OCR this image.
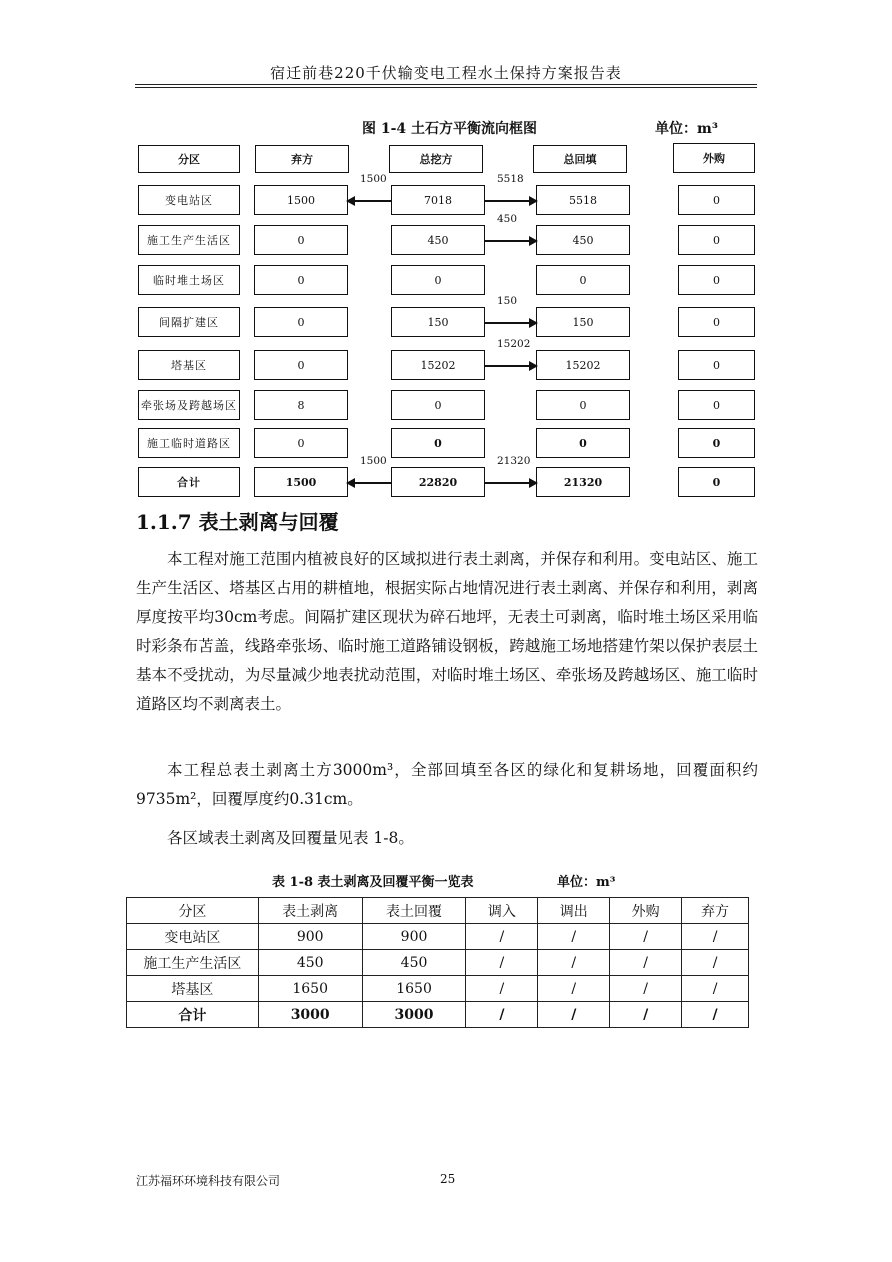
宿迁前巷220千伏输变电工程水土保持方案报告表
图 1-4 土石方平衡流向框图	单位：m³
分区	弃方	总挖方	总回填	外购
变电站区	1500	7018	5518	0
1500	5518
施工生产生活区	0	450	450	0
450
临时堆土场区	0	0	0	0
间隔扩建区	0	150	150	0
150
塔基区	0	15202	15202	0
15202
牵张场及跨越场区	8	0	0	0
施工临时道路区	0	0	0	0
合计	1500	22820	21320	0
1500	21320
1.1.7 表土剥离与回覆

本工程对施工范围内植被良好的区域拟进行表土剥离，并保存和利用。变电站区、施工生产生活区、塔基区占用的耕植地，根据实际占地情况进行表土剥离、并保存和利用，剥离厚度按平均30cm考虑。间隔扩建区现状为碎石地坪，无表土可剥离，临时堆土场区采用临时彩条布苫盖，线路牵张场、临时施工道路铺设钢板，跨越施工场地搭建竹架以保护表层土基本不受扰动，为尽量减少地表扰动范围，对临时堆土场区、牵张场及跨越场区、施工临时道路区均不剥离表土。

本工程总表土剥离土方3000m³，全部回填至各区的绿化和复耕场地，回覆面积约9735m²，回覆厚度约0.31cm。

各区域表土剥离及回覆量见表 1-8。

表 1-8 表土剥离及回覆平衡一览表	单位：m³
分区	表土剥离	表土回覆	调入	调出	外购	弃方
变电站区	900	900	/	/	/	/
施工生产生活区	450	450	/	/	/	/
塔基区	1650	1650	/	/	/	/
合计	3000	3000	/	/	/	/
江苏福环环境科技有限公司	25
